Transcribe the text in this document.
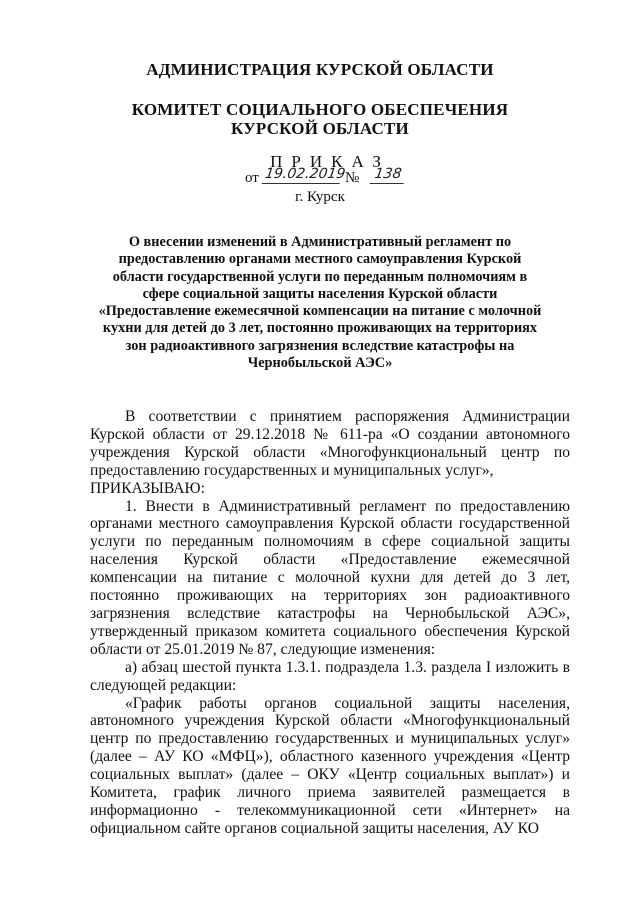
АДМИНИСТРАЦИЯ КУРСКОЙ ОБЛАСТИ
КОМИТЕТ СОЦИАЛЬНОГО ОБЕСПЕЧЕНИЯ
КУРСКОЙ ОБЛАСТИ
ПРИКАЗ
от 19.02.2019
№ 138
г. Курск
О внесении изменений в Административный регламент по предоставлению органами местного самоуправления Курской области государственной услуги по переданным полномочиям в сфере социальной защиты населения Курской области «Предоставление ежемесячной компенсации на питание с молочной кухни для детей до 3 лет, постоянно проживающих на территориях зон радиоактивного загрязнения вследствие катастрофы на Чернобыльской АЭС»

В соответствии с принятием распоряжения Администрации Курской области от 29.12.2018 № 611-ра «О создании автономного учреждения Курской области «Многофункциональный центр по предоставлению государственных и муниципальных услуг»,

ПРИКАЗЫВАЮ:

1. Внести в Административный регламент по предоставлению органами местного самоуправления Курской области государственной услуги по переданным полномочиям в сфере социальной защиты населения Курской области «Предоставление ежемесячной компенсации на питание с молочной кухни для детей до 3 лет, постоянно проживающих на территориях зон радиоактивного загрязнения вследствие катастрофы на Чернобыльской АЭС», утвержденный приказом комитета социального обеспечения Курской области от 25.01.2019 № 87, следующие изменения:

а) абзац шестой пункта 1.3.1. подраздела 1.3. раздела I изложить в следующей редакции:

«График работы органов социальной защиты населения, автономного учреждения Курской области «Многофункциональный центр по предоставлению государственных и муниципальных услуг» (далее – АУ КО «МФЦ»), областного казенного учреждения «Центр социальных выплат» (далее – ОКУ «Центр социальных выплат») и Комитета, график личного приема заявителей размещается в информационно - телекоммуникационной сети «Интернет» на официальном сайте органов социальной защиты населения, АУ КО
